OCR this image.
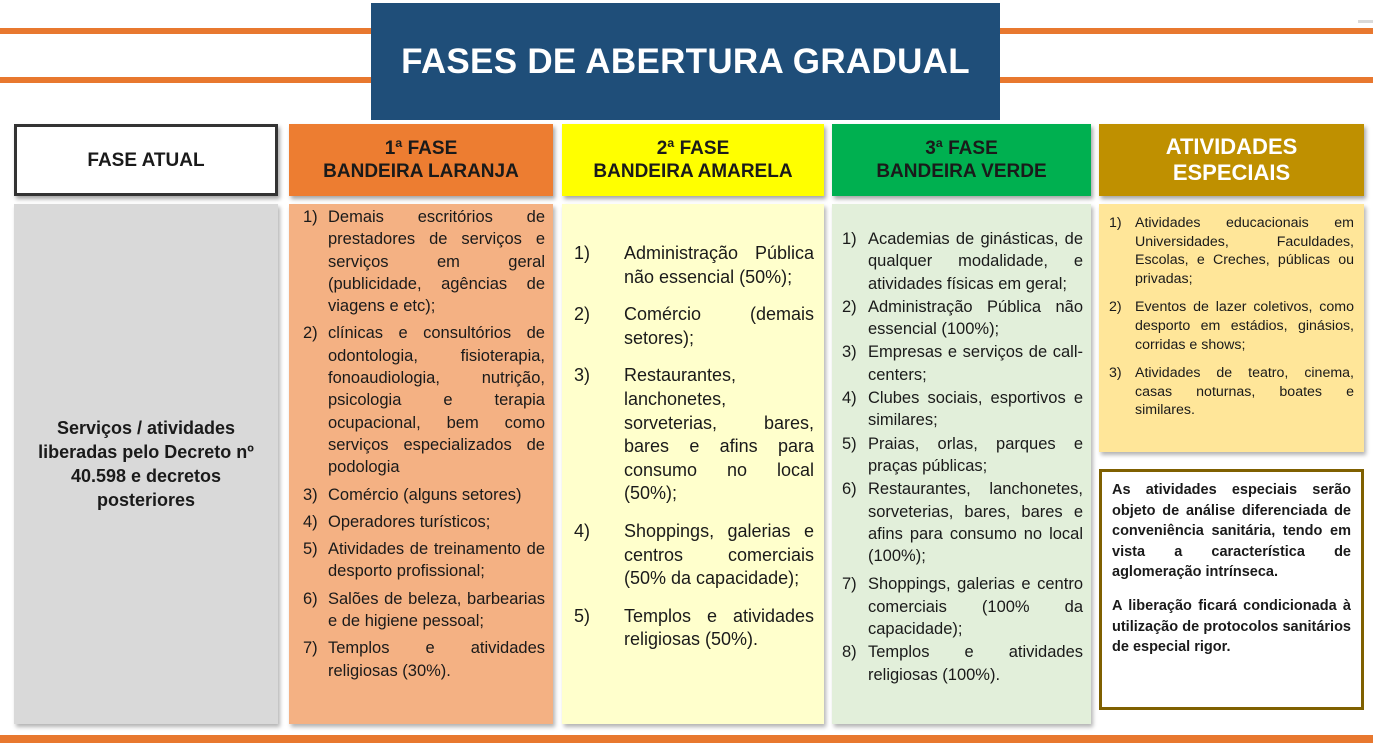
FASES DE ABERTURA GRADUAL
FASE ATUAL
1ª FASE
BANDEIRA LARANJA
2ª FASE
BANDEIRA AMARELA
3ª FASE
BANDEIRA VERDE
ATIVIDADES
ESPECIAIS
Serviços / atividades liberadas pelo Decreto nº 40.598 e decretos posteriores
1) Demais escritórios de prestadores de serviços e serviços em geral (publicidade, agências de viagens e etc);
2) clínicas e consultórios de odontologia, fisioterapia, fonoaudiologia, nutrição, psicologia e terapia ocupacional, bem como serviços especializados de podologia
3) Comércio (alguns setores)
4) Operadores turísticos;
5) Atividades de treinamento de desporto profissional;
6) Salões de beleza, barbearias e de higiene pessoal;
7) Templos e atividades religiosas (30%).
1)	Administração Pública não essencial (50%);
2)	Comércio (demais setores);
3)	Restaurantes, lanchonetes, sorveterias, bares, bares e afins para consumo no local (50%);
4)	Shoppings, galerias e centros comerciais (50% da capacidade);
5)	Templos e atividades religiosas (50%).
1) Academias de ginásticas, de qualquer modalidade, e atividades físicas em geral;
2) Administração Pública não essencial (100%);
3) Empresas e serviços de call-centers;
4) Clubes sociais, esportivos e similares;
5) Praias, orlas, parques e praças públicas;
6) Restaurantes, lanchonetes, sorveterias, bares, bares e afins para consumo no local (100%);
7) Shoppings, galerias e centro comerciais (100% da capacidade);
8) Templos e atividades religiosas (100%).
1) Atividades educacionais em Universidades, Faculdades, Escolas, e Creches, públicas ou privadas;
2) Eventos de lazer coletivos, como desporto em estádios, ginásios, corridas e shows;
3) Atividades de teatro, cinema, casas noturnas, boates e similares.

As atividades especiais serão objeto de análise diferenciada de conveniência sanitária, tendo em vista a característica de aglomeração intrínseca.

A liberação ficará condicionada à utilização de protocolos sanitários de especial rigor.
